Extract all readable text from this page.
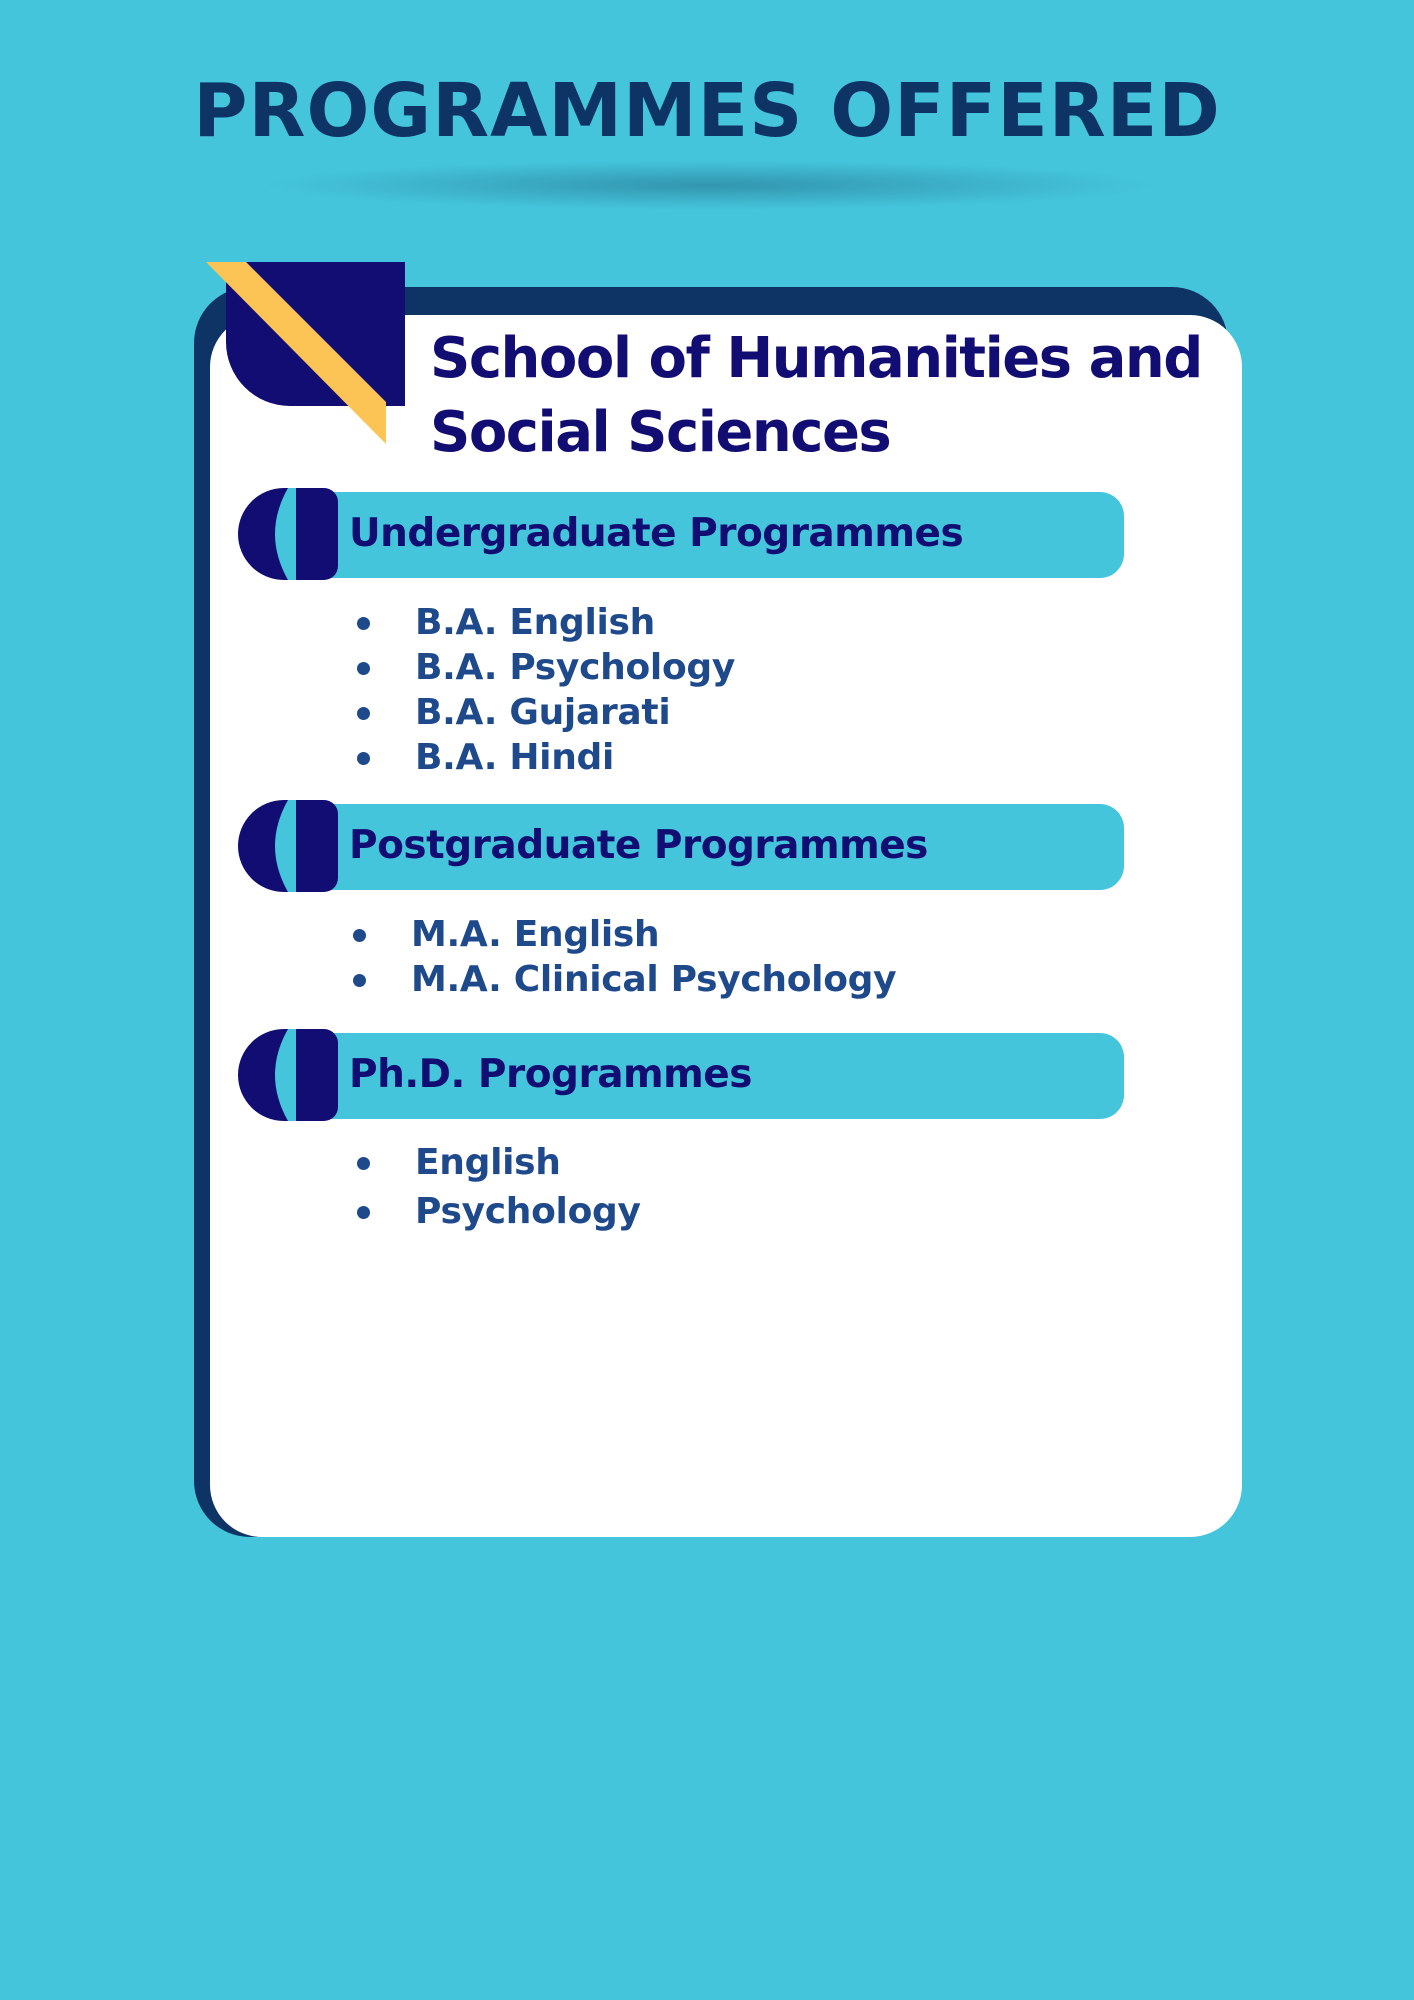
PROGRAMMES OFFERED
School of Humanities and Social Sciences
Undergraduate Programmes
B.A. English
B.A. Psychology
B.A. Gujarati
B.A. Hindi
Postgraduate Programmes
M.A. English
M.A. Clinical Psychology
Ph.D. Programmes
English
Psychology
